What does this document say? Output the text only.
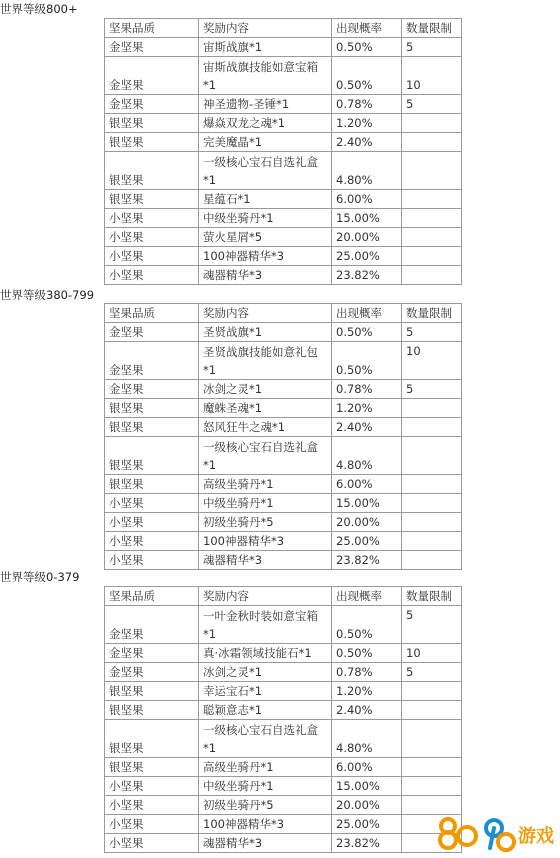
世界等级800+
坚果品质	奖励内容	出现概率	数量限制
金坚果	宙斯战旗*1	0.50%	5
金坚果	宙斯战旗技能如意宝箱*1	0.50%	10
金坚果	神圣遗物-圣锤*1	0.78%	5
银坚果	爆焱双龙之魂*1	1.20%	
银坚果	完美魔晶*1	2.40%	
银坚果	一级核心宝石自选礼盒*1	4.80%	
银坚果	星蕴石*1	6.00%	
小坚果	中级坐骑丹*1	15.00%	
小坚果	萤火星屑*5	20.00%	
小坚果	100神器精华*3	25.00%	
小坚果	魂器精华*3	23.82%	
世界等级380-799
坚果品质	奖励内容	出现概率	数量限制
金坚果	圣贤战旗*1	0.50%	5
金坚果	圣贤战旗技能如意礼包*1	0.50%	10
金坚果	冰剑之灵*1	0.78%	5
银坚果	魔蛛圣魂*1	1.20%	
银坚果	怒风狂牛之魂*1	2.40%	
银坚果	一级核心宝石自选礼盒*1	4.80%	
银坚果	高级坐骑丹*1	6.00%	
小坚果	中级坐骑丹*1	15.00%	
小坚果	初级坐骑丹*5	20.00%	
小坚果	100神器精华*3	25.00%	
小坚果	魂器精华*3	23.82%	
世界等级0-379
坚果品质	奖励内容	出现概率	数量限制
金坚果	一叶金秋时装如意宝箱*1	0.50%	5
金坚果	真·冰霜领域技能石*1	0.50%	10
金坚果	冰剑之灵*1	0.78%	5
银坚果	幸运宝石*1	1.20%	
银坚果	聪颖意志*1	2.40%	
银坚果	一级核心宝石自选礼盒*1	4.80%	
银坚果	高级坐骑丹*1	6.00%	
小坚果	中级坐骑丹*1	15.00%	
小坚果	初级坐骑丹*5	20.00%	
小坚果	100神器精华*3	25.00%	
小坚果	魂器精华*3	23.82%		游戏
